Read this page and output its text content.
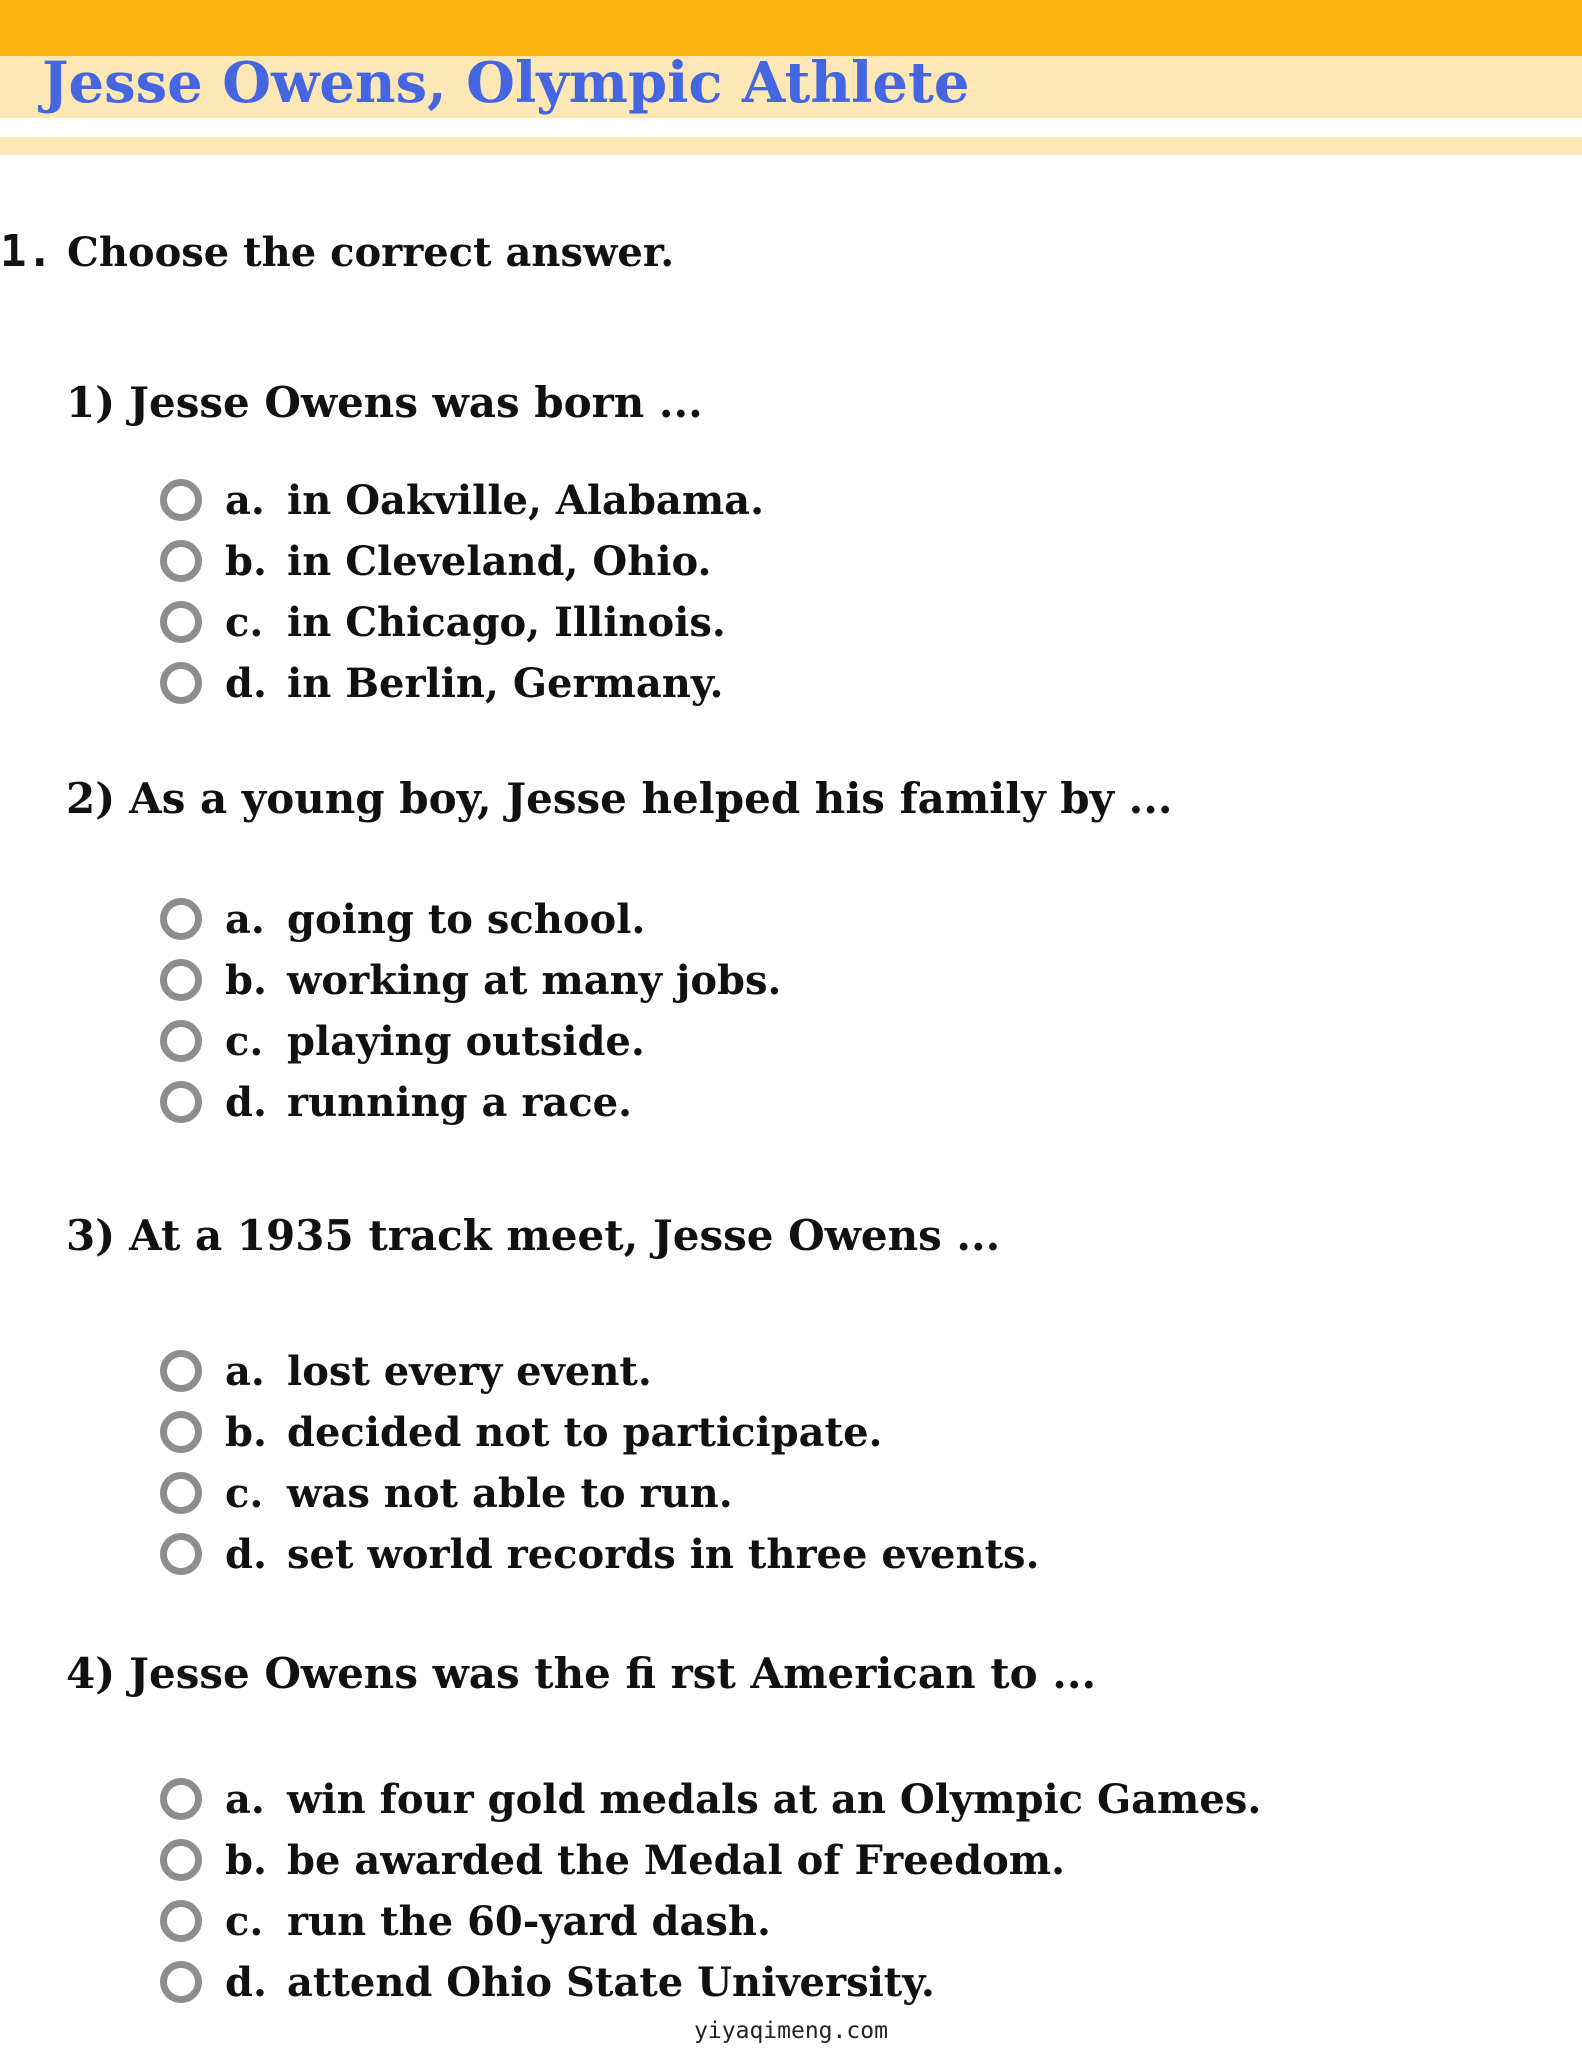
Jesse Owens, Olympic Athlete

1. Choose the correct answer.

1) Jesse Owens was born ...

a. in Oakville, Alabama.
b. in Cleveland, Ohio.
c. in Chicago, Illinois.
d. in Berlin, Germany.

2) As a young boy, Jesse helped his family by ...

a. going to school.
b. working at many jobs.
c. playing outside.
d. running a race.

3) At a 1935 track meet, Jesse Owens ...

a. lost every event.
b. decided not to participate.
c. was not able to run.
d. set world records in three events.

4) Jesse Owens was the fi rst American to ...

a. win four gold medals at an Olympic Games.
b. be awarded the Medal of Freedom.
c. run the 60-yard dash.
d. attend Ohio State University.
yiyaqimeng.com
